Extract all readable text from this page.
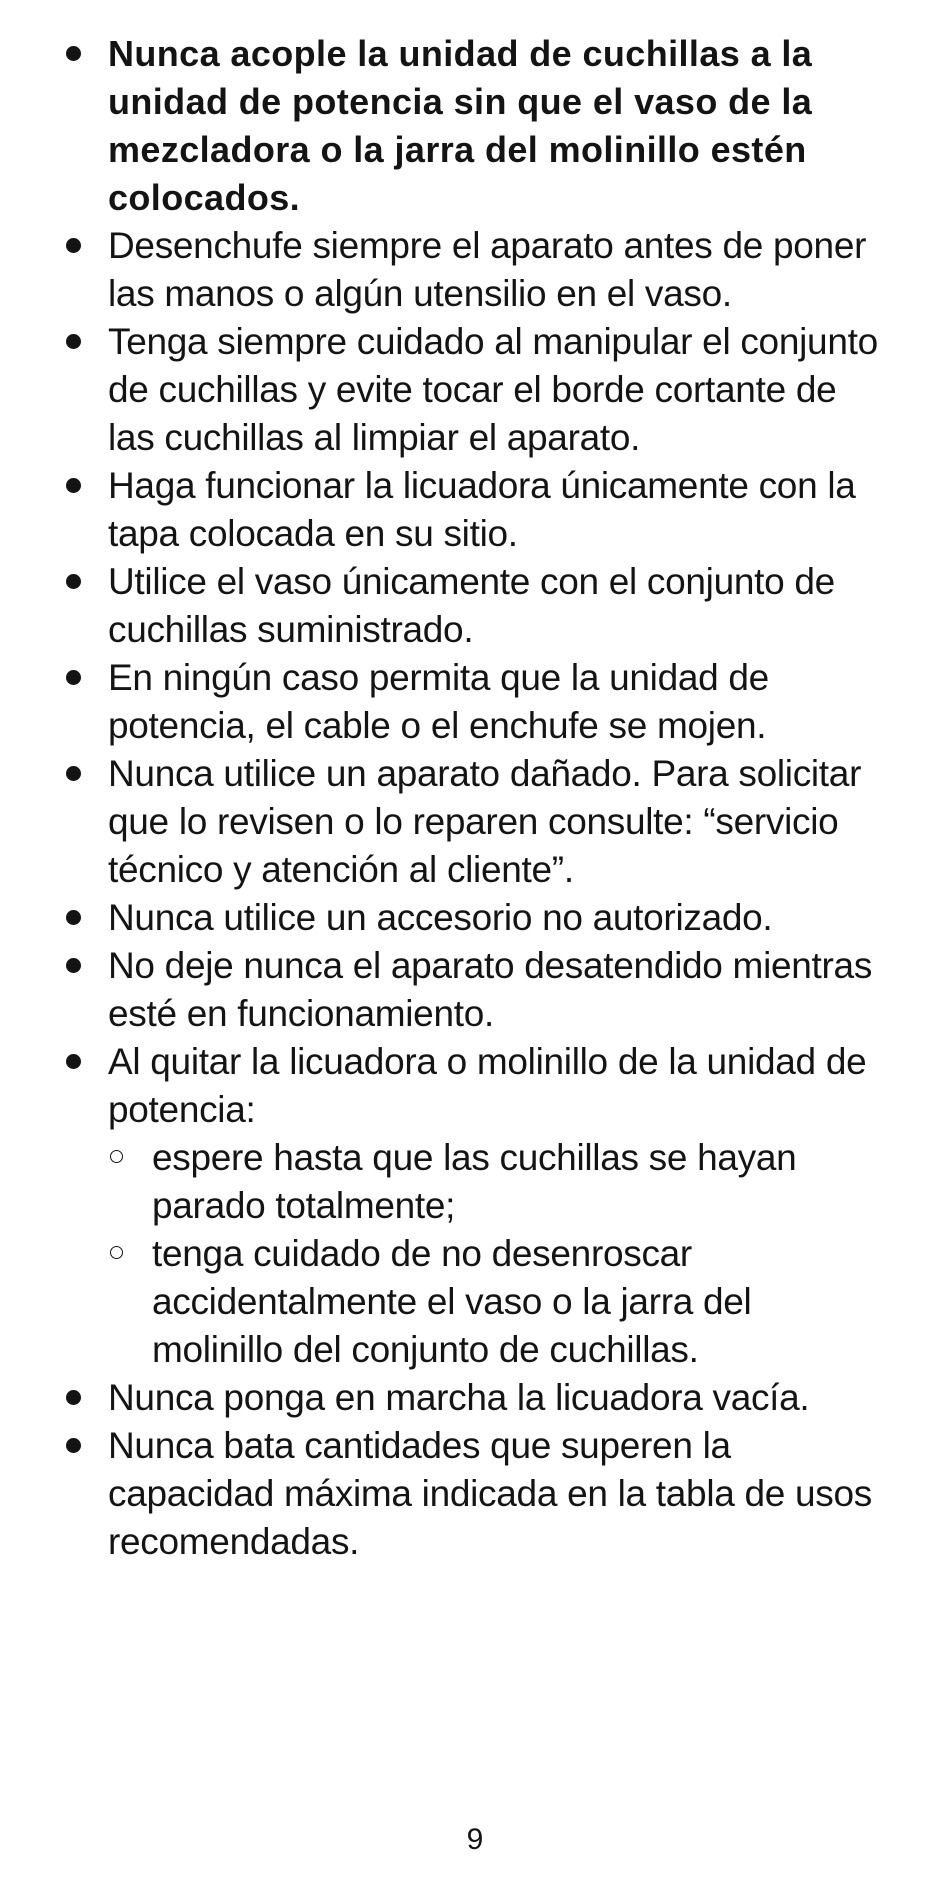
Nunca acople la unidad de cuchillas a la unidad de potencia sin que el vaso de la mezcladora o la jarra del molinillo estén colocados.
Desenchufe siempre el aparato antes de poner las manos o algún utensilio en el vaso.
Tenga siempre cuidado al manipular el conjunto de cuchillas y evite tocar el borde cortante de las cuchillas al limpiar el aparato.
Haga funcionar la licuadora únicamente con la tapa colocada en su sitio.
Utilice el vaso únicamente con el conjunto de cuchillas suministrado.
En ningún caso permita que la unidad de potencia, el cable o el enchufe se mojen.
Nunca utilice un aparato dañado. Para solicitar que lo revisen o lo reparen consulte: “servicio técnico y atención al cliente”.
Nunca utilice un accesorio no autorizado.
No deje nunca el aparato desatendido mientras esté en funcionamiento.
Al quitar la licuadora o molinillo de la unidad de potencia:
espere hasta que las cuchillas se hayan parado totalmente;
tenga cuidado de no desenroscar accidentalmente el vaso o la jarra del molinillo del conjunto de cuchillas.
Nunca ponga en marcha la licuadora vacía.
Nunca bata cantidades que superen la capacidad máxima indicada en la tabla de usos recomendadas.
9
